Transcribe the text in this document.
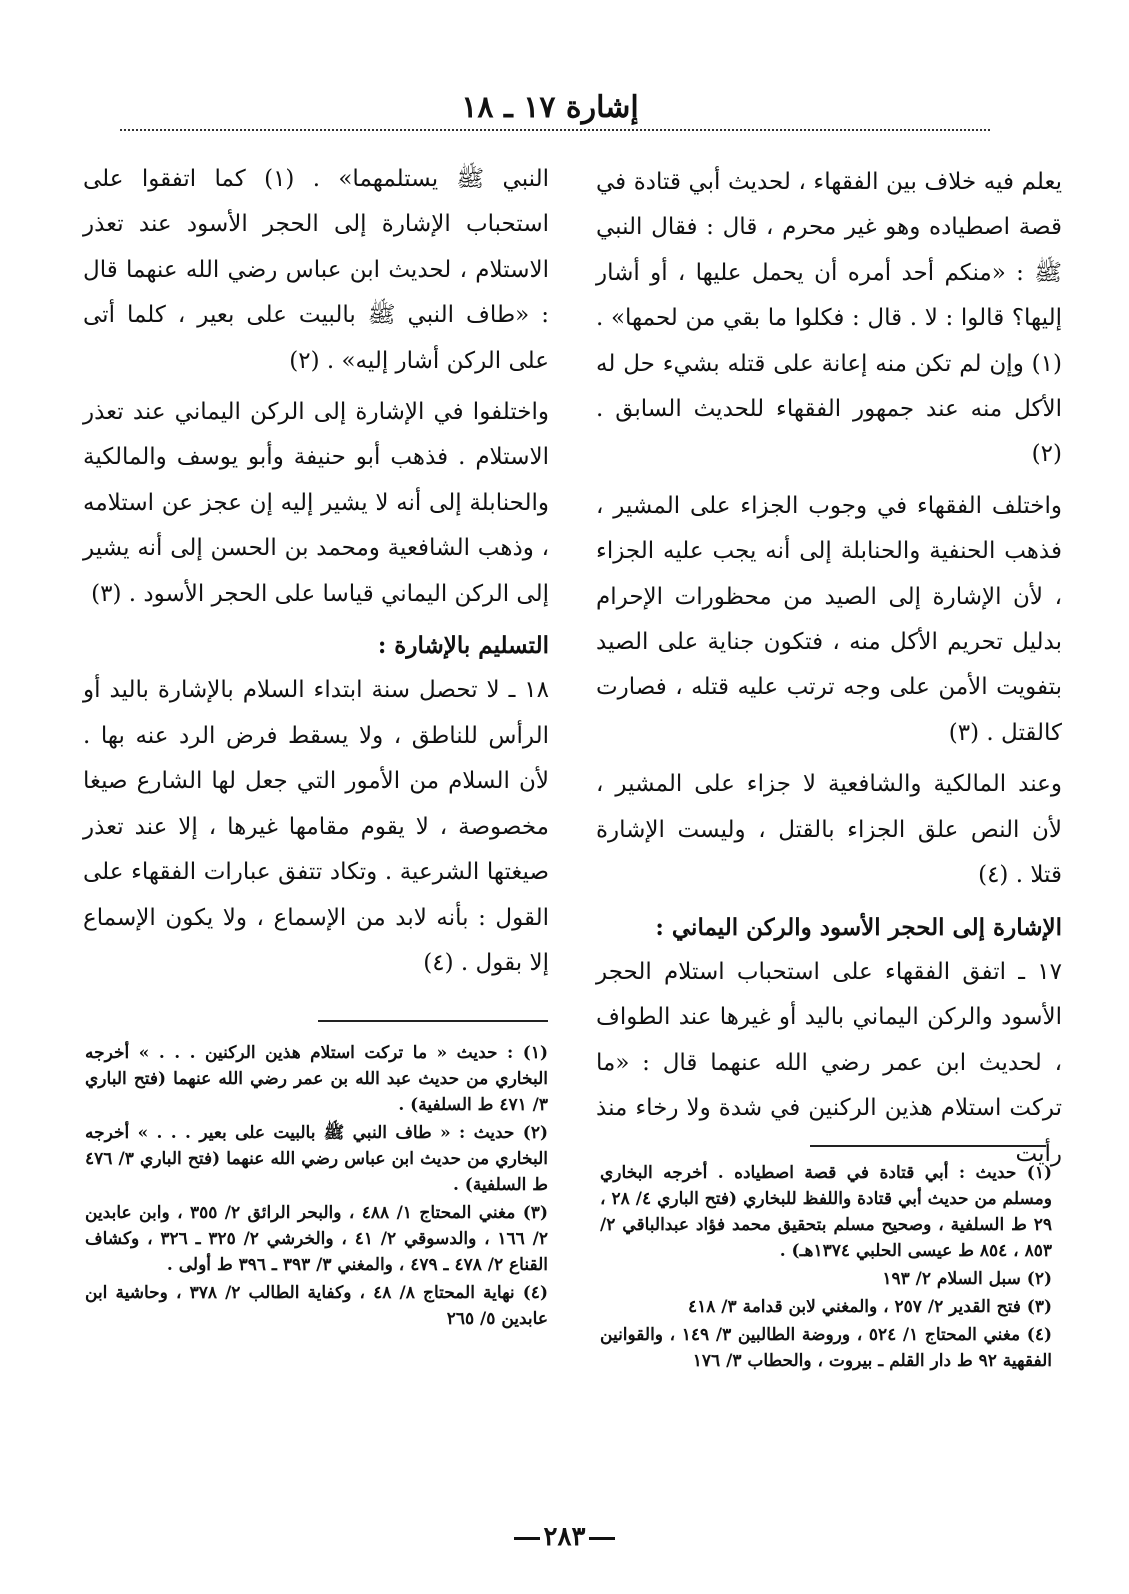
إشارة ١٧ ـ ١٨

يعلم فيه خلاف بين الفقهاء ، لحديث أبي قتادة في قصة اصطياده وهو غير محرم ، قال : فقال النبي ﷺ : «منكم أحد أمره أن يحمل عليها ، أو أشار إليها؟ قالوا : لا . قال : فكلوا ما بقي من لحمها» . (١) وإن لم تكن منه إعانة على قتله بشيء حل له الأكل منه عند جمهور الفقهاء للحديث السابق . (٢)

واختلف الفقهاء في وجوب الجزاء على المشير ، فذهب الحنفية والحنابلة إلى أنه يجب عليه الجزاء ، لأن الإشارة إلى الصيد من محظورات الإحرام بدليل تحريم الأكل منه ، فتكون جناية على الصيد بتفويت الأمن على وجه ترتب عليه قتله ، فصارت كالقتل . (٣)

وعند المالكية والشافعية لا جزاء على المشير ، لأن النص علق الجزاء بالقتل ، وليست الإشارة قتلا . (٤)

الإشارة إلى الحجر الأسود والركن اليماني :

١٧ ـ اتفق الفقهاء على استحباب استلام الحجر الأسود والركن اليماني باليد أو غيرها عند الطواف ، لحديث ابن عمر رضي الله عنهما قال : «ما تركت استلام هذين الركنين في شدة ولا رخاء منذ رأيت

(١) حديث : أبي قتادة في قصة اصطياده . أخرجه البخاري ومسلم من حديث أبي قتادة واللفظ للبخاري (فتح الباري ٤/ ٢٨ ، ٢٩ ط السلفية ، وصحيح مسلم بتحقيق محمد فؤاد عبدالباقي ٢/ ٨٥٣ ، ٨٥٤ ط عيسى الحلبي ١٣٧٤هـ) .

(٢) سبل السلام ٢/ ١٩٣

(٣) فتح القدير ٢/ ٢٥٧ ، والمغني لابن قدامة ٣/ ٤١٨

(٤) مغني المحتاج ١/ ٥٢٤ ، وروضة الطالبين ٣/ ١٤٩ ، والقوانين الفقهية ٩٢ ط دار القلم ـ بيروت ، والحطاب ٣/ ١٧٦

النبي ﷺ يستلمهما» . (١) كما اتفقوا على استحباب الإشارة إلى الحجر الأسود عند تعذر الاستلام ، لحديث ابن عباس رضي الله عنهما قال : «طاف النبي ﷺ بالبيت على بعير ، كلما أتى على الركن أشار إليه» . (٢)

واختلفوا في الإشارة إلى الركن اليماني عند تعذر الاستلام . فذهب أبو حنيفة وأبو يوسف والمالكية والحنابلة إلى أنه لا يشير إليه إن عجز عن استلامه ، وذهب الشافعية ومحمد بن الحسن إلى أنه يشير إلى الركن اليماني قياسا على الحجر الأسود . (٣)

التسليم بالإشارة :

١٨ ـ لا تحصل سنة ابتداء السلام بالإشارة باليد أو الرأس للناطق ، ولا يسقط فرض الرد عنه بها . لأن السلام من الأمور التي جعل لها الشارع صيغا مخصوصة ، لا يقوم مقامها غيرها ، إلا عند تعذر صيغتها الشرعية . وتكاد تتفق عبارات الفقهاء على القول : بأنه لابد من الإسماع ، ولا يكون الإسماع إلا بقول . (٤)

(١) : حديث « ما تركت استلام هذين الركنين . . . » أخرجه البخاري من حديث عبد الله بن عمر رضي الله عنهما (فتح الباري ٣/ ٤٧١ ط السلفية) .

(٢) حديث : « طاف النبي ﷺ بالبيت على بعير . . . » أخرجه البخاري من حديث ابن عباس رضي الله عنهما (فتح الباري ٣/ ٤٧٦ ط السلفية) .

(٣) مغني المحتاج ١/ ٤٨٨ ، والبحر الرائق ٢/ ٣٥٥ ، وابن عابدين ٢/ ١٦٦ ، والدسوقي ٢/ ٤١ ، والخرشي ٢/ ٣٢٥ ـ ٣٢٦ ، وكشاف القناع ٢/ ٤٧٨ ـ ٤٧٩ ، والمغني ٣/ ٣٩٣ ـ ٣٩٦ ط أولى .

(٤) نهاية المحتاج ٨/ ٤٨ ، وكفاية الطالب ٢/ ٣٧٨ ، وحاشية ابن عابدين ٥/ ٢٦٥

٢٨٣
